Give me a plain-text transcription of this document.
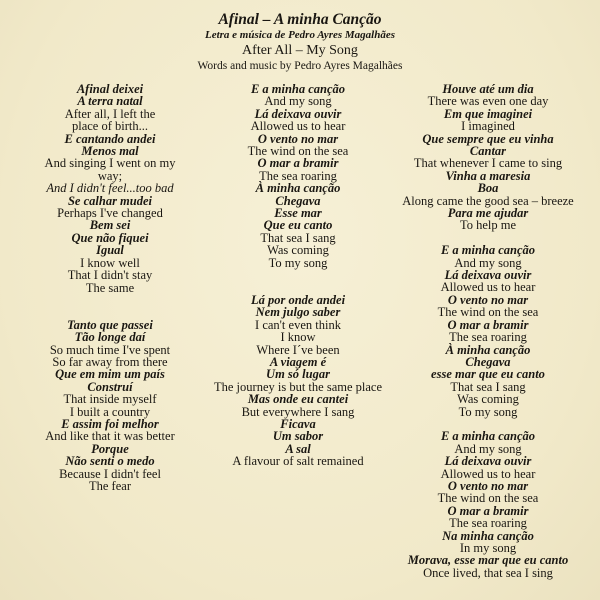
Afinal – A minha Canção
Letra e música de Pedro Ayres Magalhães
After All – My Song
Words and music by Pedro Ayres Magalhães
Afinal deixei
A terra natal
After all, I left the
place of birth...
E cantando andei
Menos mal
And singing I went on my
way;
And I didn't feel...too bad
Se calhar mudei
Perhaps I've changed
Bem sei
Que não fiquei
Igual
I know well
That I didn't stay
The same
Tanto que passei
Tão longe daí
So much time I've spent
So far away from there
Que em mim um país
Construí
That inside myself
I built a country
E assim foi melhor
And like that it was better
Porque
Não senti o medo
Because I didn't feel
The fear
E a minha canção
And my song
Lá deixava ouvir
Allowed us to hear
O vento no mar
The wind on the sea
O mar a bramir
The sea roaring
À minha canção
Chegava
Esse mar
Que eu canto
That sea I sang
Was coming
To my song
Lá por onde andei
Nem julgo saber
I can't even think
I know
Where I´ve been
A viagem é
Um só lugar
The journey is but the same place
Mas onde eu cantei
But everywhere I sang
Ficava
Um sabor
A sal
A flavour of salt remained
Houve até um dia
There was even one day
Em que imaginei
I imagined
Que sempre que eu vinha
Cantar
That whenever I came to sing
Vinha a maresia
Boa
Along came the good sea – breeze
Para me ajudar
To help me
E a minha canção
And my song
Lá deixava ouvir
Allowed us to hear
O vento no mar
The wind on the sea
O mar a bramir
The sea roaring
À minha canção
Chegava
esse mar que eu canto
That sea I sang
Was coming
To my song
E a minha canção
And my song
Lá deixava ouvir
Allowed us to hear
O vento no mar
The wind on the sea
O mar a bramir
The sea roaring
Na minha canção
In my song
Morava, esse mar que eu canto
Once lived, that sea I sing
